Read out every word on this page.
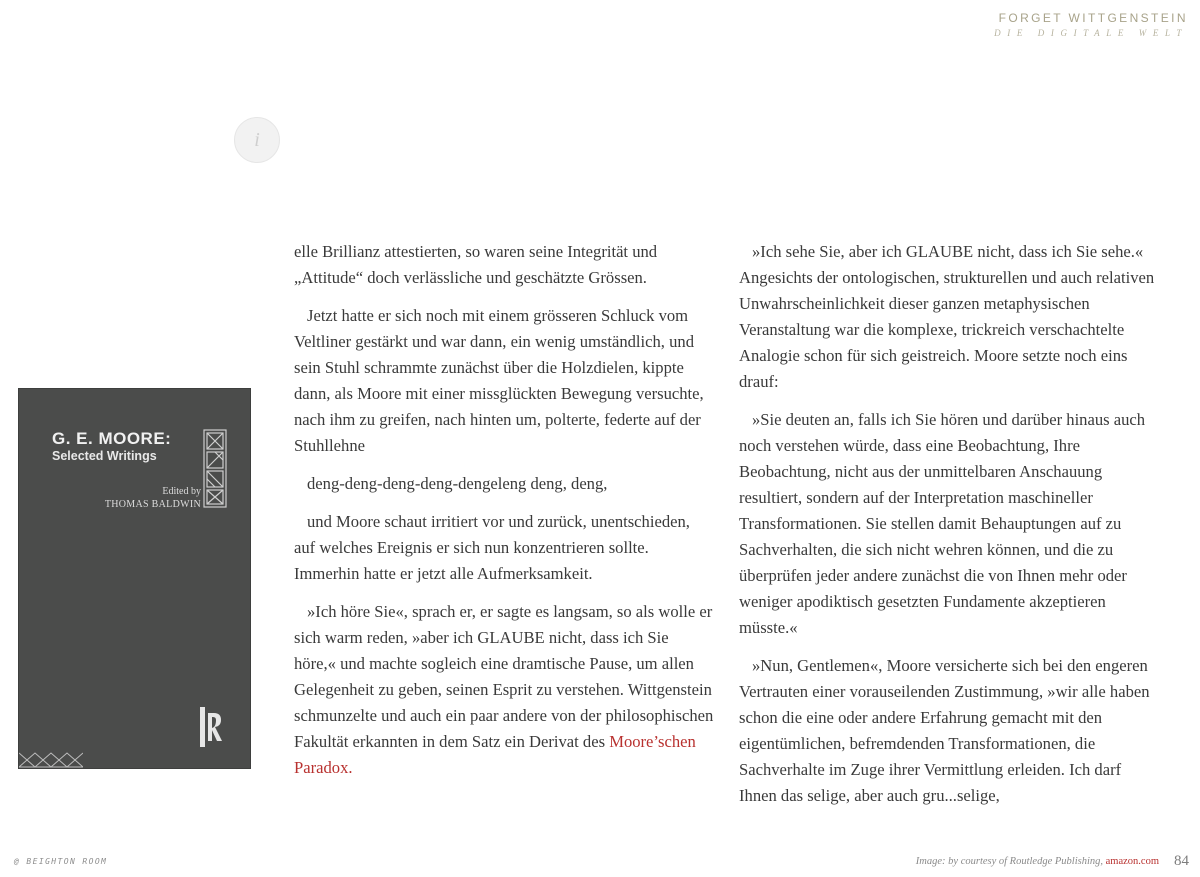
FORGET WITTGENSTEIN
DIE DIGITALE WELT
i
G. E. MOORE:
Selected Writings
Edited by
THOMAS BALDWIN

elle Brillianz attestierten, so waren seine Integrität und „Attitude“ doch verlässliche und geschätzte Grössen.

Jetzt hatte er sich noch mit einem grösseren Schluck vom Veltliner gestärkt und war dann, ein wenig umständlich, und sein Stuhl schrammte zunächst über die Holzdielen, kippte dann, als Moore mit einer missglückten Bewegung versuchte, nach ihm zu greifen, nach hinten um, polterte, federte auf der Stuhllehne

deng-deng-deng-deng-dengeleng deng, deng,

und Moore schaut irritiert vor und zurück, unentschieden, auf welches Ereignis er sich nun konzentrieren sollte. Immerhin hatte er jetzt alle Aufmerksamkeit.

»Ich höre Sie«, sprach er, er sagte es langsam, so als wolle er sich warm reden, »aber ich GLAUBE nicht, dass ich Sie höre,« und machte sogleich eine dramtische Pause, um allen Gelegenheit zu geben, seinen Esprit zu verstehen. Wittgenstein schmunzelte und auch ein paar andere von der philosophischen Fakultät erkannten in dem Satz ein Derivat des Moore’schen Paradox.

»Ich sehe Sie, aber ich GLAUBE nicht, dass ich Sie sehe.« Angesichts der ontologischen, strukturellen und auch relativen Unwahrscheinlichkeit dieser ganzen metaphysischen Veranstaltung war die komplexe, trickreich verschachtelte Analogie schon für sich geistreich. Moore setzte noch eins drauf:

»Sie deuten an, falls ich Sie hören und darüber hinaus auch noch verstehen würde, dass eine Beobachtung, Ihre Beobachtung, nicht aus der unmittelbaren Anschauung resultiert, sondern auf der Interpretation maschineller Transformationen. Sie stellen damit Behauptungen auf zu Sachverhalten, die sich nicht wehren können, und die zu überprüfen jeder andere zunächst die von Ihnen mehr oder weniger apodiktisch gesetzten Fundamente akzeptieren müsste.«

»Nun, Gentlemen«, Moore versicherte sich bei den engeren Vertrauten einer vorauseilenden Zustimmung, »wir alle haben schon die eine oder andere Erfahrung gemacht mit den eigentümlichen, befremdenden Transformationen, die Sachverhalte im Zuge ihrer Vermittlung erleiden. Ich darf Ihnen das selige, aber auch gru...selige,

@ BEIGHTON ROOM	Image: by courtesy of Routledge Publishing, amazon.com 84
